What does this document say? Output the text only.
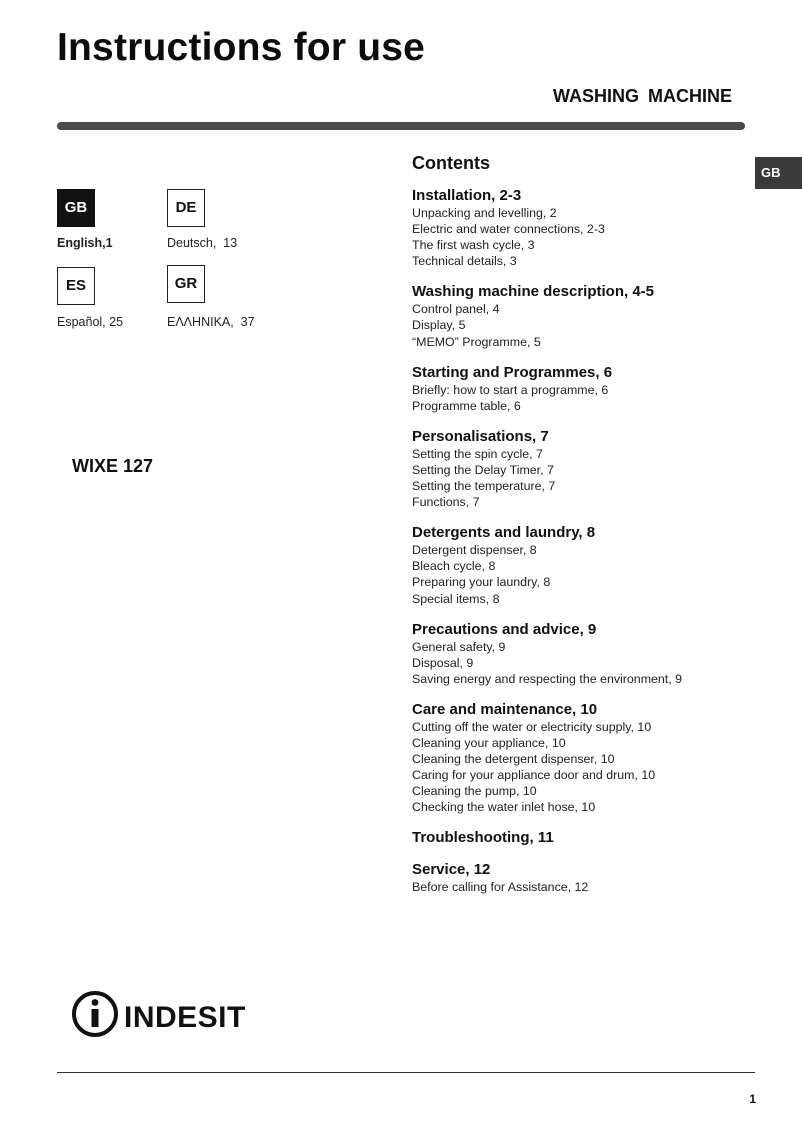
Instructions for use
WASHING MACHINE
GB
GB
English,1
DE
Deutsch, 13
ES
Español, 25
GR
ΕΛΛΗΝΙΚΑ, 37
WIXE 127
Contents
Installation, 2-3
Unpacking and levelling, 2
Electric and water connections, 2-3
The first wash cycle, 3
Technical details, 3
Washing machine description, 4-5
Control panel, 4
Display, 5
“MEMO” Programme, 5
Starting and Programmes, 6
Briefly: how to start a programme, 6
Programme table, 6
Personalisations, 7
Setting the spin cycle, 7
Setting the Delay Timer, 7
Setting the temperature, 7
Functions, 7
Detergents and laundry, 8
Detergent dispenser, 8
Bleach cycle, 8
Preparing your laundry, 8
Special items, 8
Precautions and advice, 9
General safety, 9
Disposal, 9
Saving energy and respecting the environment, 9
Care and maintenance, 10
Cutting off the water or electricity supply, 10
Cleaning your appliance, 10
Cleaning the detergent dispenser, 10
Caring for your appliance door and drum, 10
Cleaning the pump, 10
Checking the water inlet hose, 10
Troubleshooting, 11
Service, 12
Before calling for Assistance, 12
INDESIT
1
